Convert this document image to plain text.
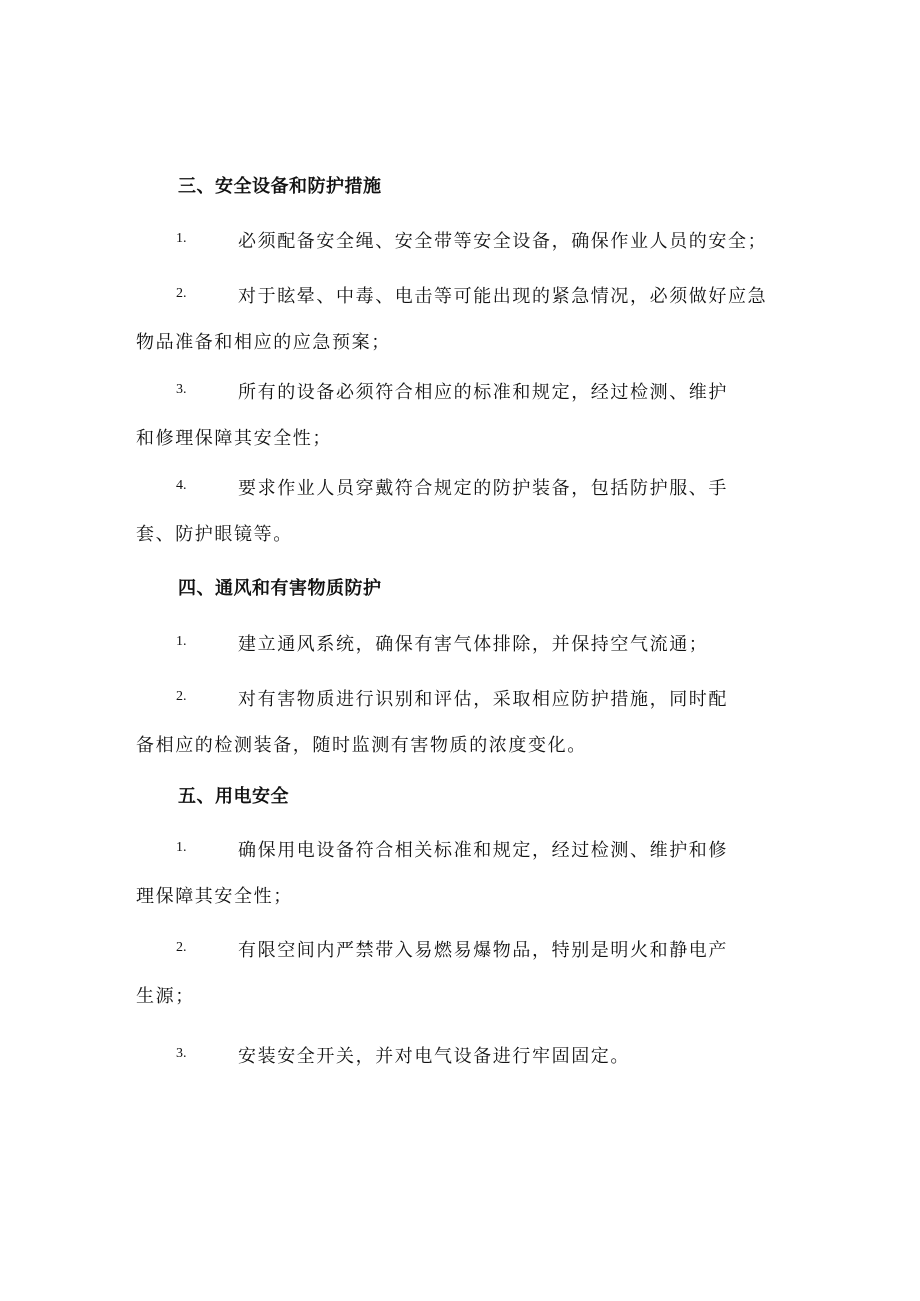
三、安全设备和防护措施
1.	必须配备安全绳、安全带等安全设备，确保作业人员的安全；
2.	对于眩晕、中毒、电击等可能出现的紧急情况，必须做好应急
物品准备和相应的应急预案；
3.	所有的设备必须符合相应的标准和规定，经过检测、维护
和修理保障其安全性；
4.	要求作业人员穿戴符合规定的防护装备，包括防护服、手
套、防护眼镜等。
四、通风和有害物质防护
1.	建立通风系统，确保有害气体排除，并保持空气流通；
2.	对有害物质进行识别和评估，采取相应防护措施，同时配
备相应的检测装备，随时监测有害物质的浓度变化。
五、用电安全
1.	确保用电设备符合相关标准和规定，经过检测、维护和修
理保障其安全性；
2.	有限空间内严禁带入易燃易爆物品，特别是明火和静电产
生源；
3.	安装安全开关，并对电气设备进行牢固固定。
